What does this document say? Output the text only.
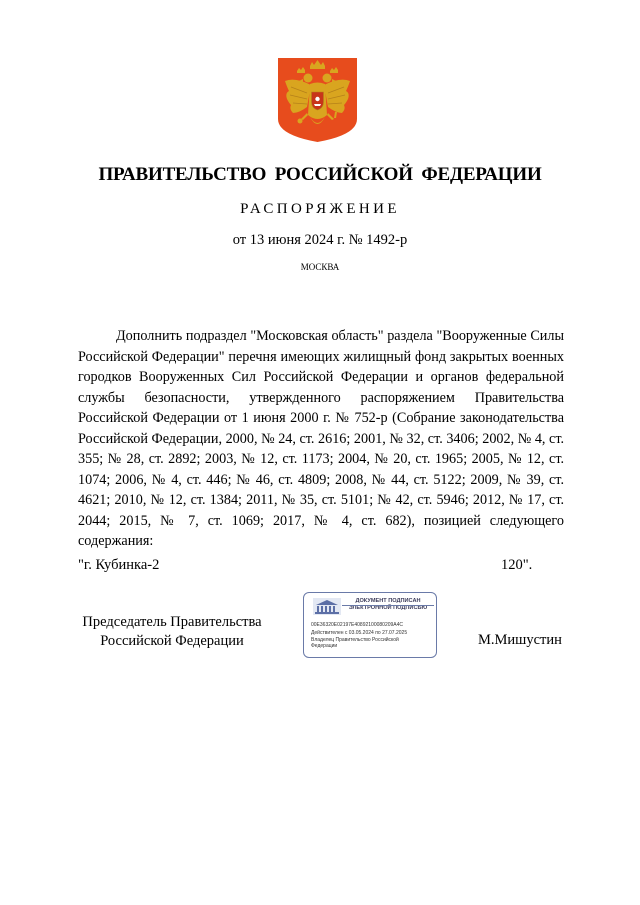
ПРАВИТЕЛЬСТВО РОССИЙСКОЙ ФЕДЕРАЦИИ
РАСПОРЯЖЕНИЕ
от 13 июня 2024 г. № 1492-р
МОСКВА

Дополнить подраздел "Московская область" раздела "Вооруженные Силы Российской Федерации" перечня имеющих жилищный фонд закрытых военных городков Вооруженных Сил Российской Федерации и органов федеральной службы безопасности, утвержденного распоряжением Правительства Российской Федерации от 1 июня 2000 г. № 752-р (Собрание законодательства Российской Федерации, 2000, № 24, ст. 2616; 2001, № 32, ст. 3406; 2002, № 4, ст. 355; № 28, ст. 2892; 2003, № 12, ст. 1173; 2004, № 20, ст. 1965; 2005, № 12, ст. 1074; 2006, № 4, ст. 446; № 46, ст. 4809; 2008, № 44, ст. 5122; 2009, № 39, ст. 4621; 2010, № 12, ст. 1384; 2011, № 35, ст. 5101; № 42, ст. 5946; 2012, № 17, ст. 2044; 2015, № 7, ст. 1069; 2017, № 4, ст. 682), позицией следующего содержания:

"г. Кубинка-2	120".
Председатель Правительства
Российской Федерации
ДОКУМЕНТ ПОДПИСАН
ЭЛЕКТРОННОЙ ПОДПИСЬЮ
00E36320E02197E40892100080209A4C
Действителен с 03.05.2024 по 27.07.2025
Владелец Правительство Российской
Федерации	М.Мишустин
